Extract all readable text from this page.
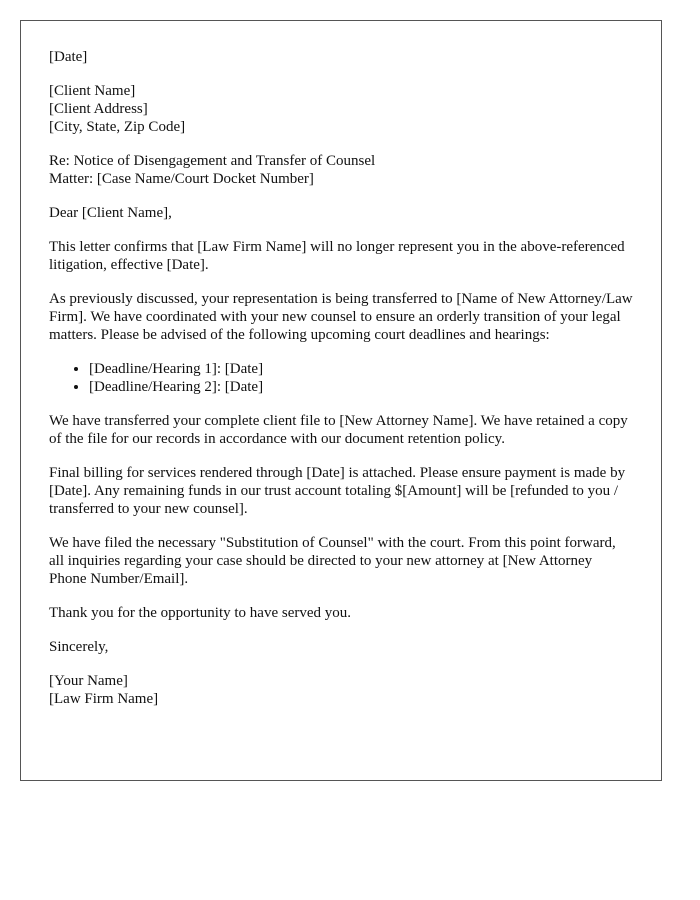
[Date]

[Client Name]
[Client Address]
[City, State, Zip Code]
Re: Notice of Disengagement and Transfer of Counsel
Matter: [Case Name/Court Docket Number]

Dear [Client Name],

This letter confirms that [Law Firm Name] will no longer represent you in the above-referenced litigation, effective [Date].

As previously discussed, your representation is being transferred to [Name of New Attorney/Law Firm]. We have coordinated with your new counsel to ensure an orderly transition of your legal matters. Please be advised of the following upcoming court deadlines and hearings:

• [Deadline/Hearing 1]: [Date]
• [Deadline/Hearing 2]: [Date]

We have transferred your complete client file to [New Attorney Name]. We have retained a copy of the file for our records in accordance with our document retention policy.

Final billing for services rendered through [Date] is attached. Please ensure payment is made by [Date]. Any remaining funds in our trust account totaling $[Amount] will be [refunded to you / transferred to your new counsel].

We have filed the necessary "Substitution of Counsel" with the court. From this point forward, all inquiries regarding your case should be directed to your new attorney at [New Attorney Phone Number/Email].

Thank you for the opportunity to have served you.

Sincerely,

[Your Name]
[Law Firm Name]
